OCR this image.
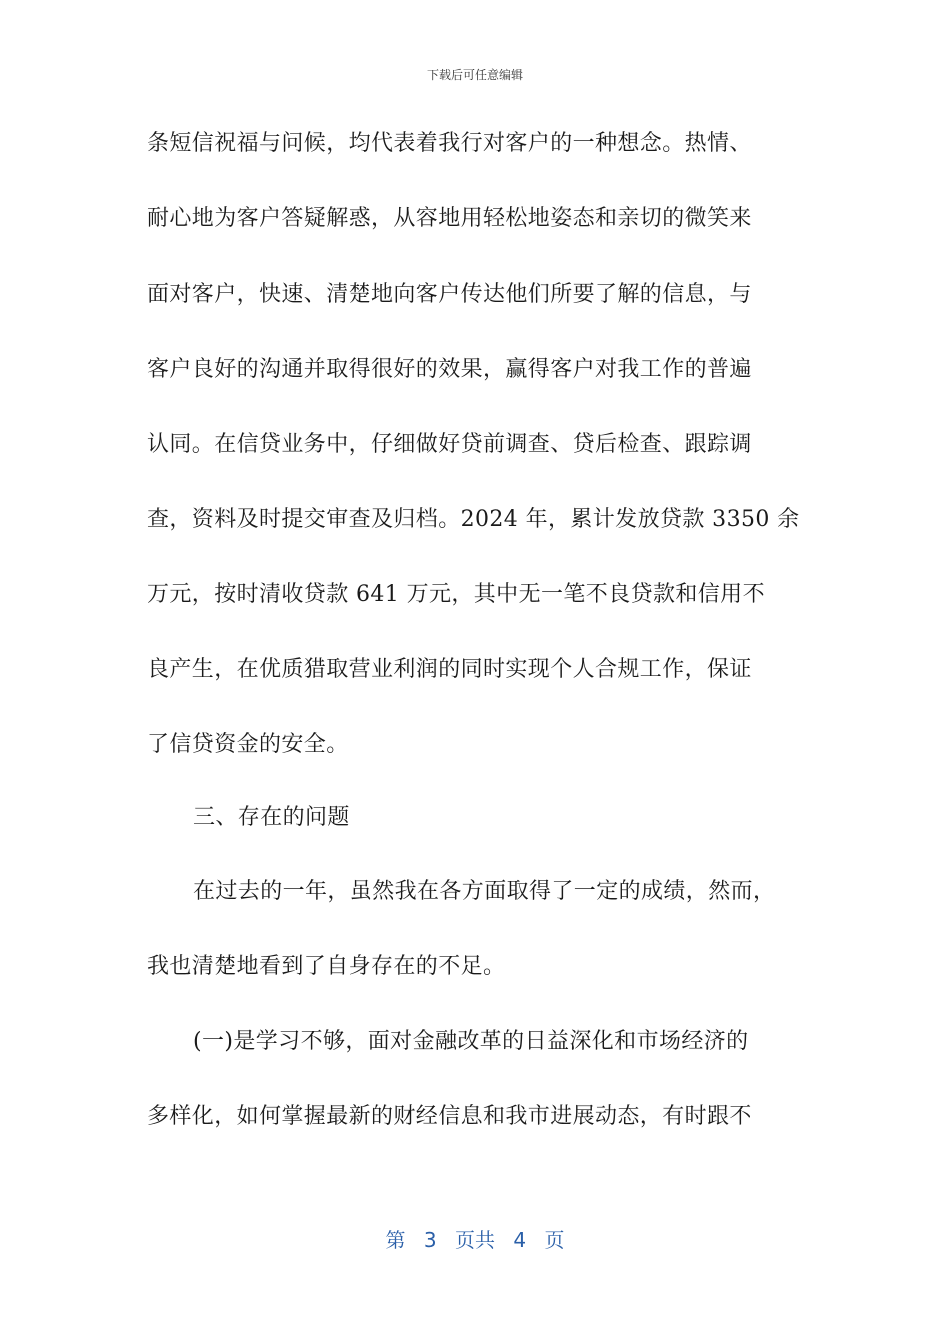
下载后可任意编辑
条短信祝福与问候，均代表着我行对客户的一种想念。热情、
耐心地为客户答疑解惑，从容地用轻松地姿态和亲切的微笑来
面对客户，快速、清楚地向客户传达他们所要了解的信息，与
客户良好的沟通并取得很好的效果，赢得客户对我工作的普遍
认同。在信贷业务中，仔细做好贷前调查、贷后检查、跟踪调
查，资料及时提交审查及归档。2024 年，累计发放贷款 3350 余
万元，按时清收贷款 641 万元，其中无一笔不良贷款和信用不
良产生，在优质猎取营业利润的同时实现个人合规工作，保证
了信贷资金的安全。
三、存在的问题
在过去的一年，虽然我在各方面取得了一定的成绩，然而，
我也清楚地看到了自身存在的不足。
(一)是学习不够，面对金融改革的日益深化和市场经济的
多样化，如何掌握最新的财经信息和我市进展动态，有时跟不
第 3 页共 4 页
